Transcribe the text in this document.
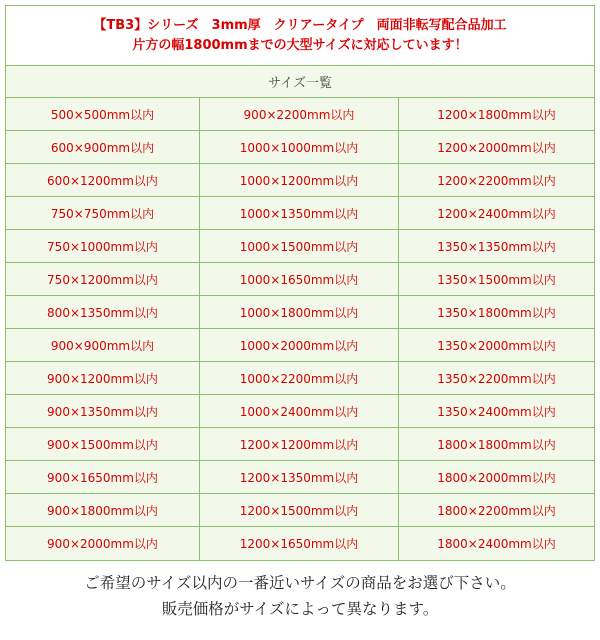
【TB3】シリーズ　3mm厚　クリアータイプ　両面非転写配合品加工
片方の幅1800mmまでの大型サイズに対応しています！
サイズ一覧
500×500mm以内	900×2200mm以内	1200×1800mm以内
600×900mm以内	1000×1000mm以内	1200×2000mm以内
600×1200mm以内	1000×1200mm以内	1200×2200mm以内
750×750mm以内	1000×1350mm以内	1200×2400mm以内
750×1000mm以内	1000×1500mm以内	1350×1350mm以内
750×1200mm以内	1000×1650mm以内	1350×1500mm以内
800×1350mm以内	1000×1800mm以内	1350×1800mm以内
900×900mm以内	1000×2000mm以内	1350×2000mm以内
900×1200mm以内	1000×2200mm以内	1350×2200mm以内
900×1350mm以内	1000×2400mm以内	1350×2400mm以内
900×1500mm以内	1200×1200mm以内	1800×1800mm以内
900×1650mm以内	1200×1350mm以内	1800×2000mm以内
900×1800mm以内	1200×1500mm以内	1800×2200mm以内
900×2000mm以内	1200×1650mm以内	1800×2400mm以内
ご希望のサイズ以内の一番近いサイズの商品をお選び下さい。
販売価格がサイズによって異なります。
